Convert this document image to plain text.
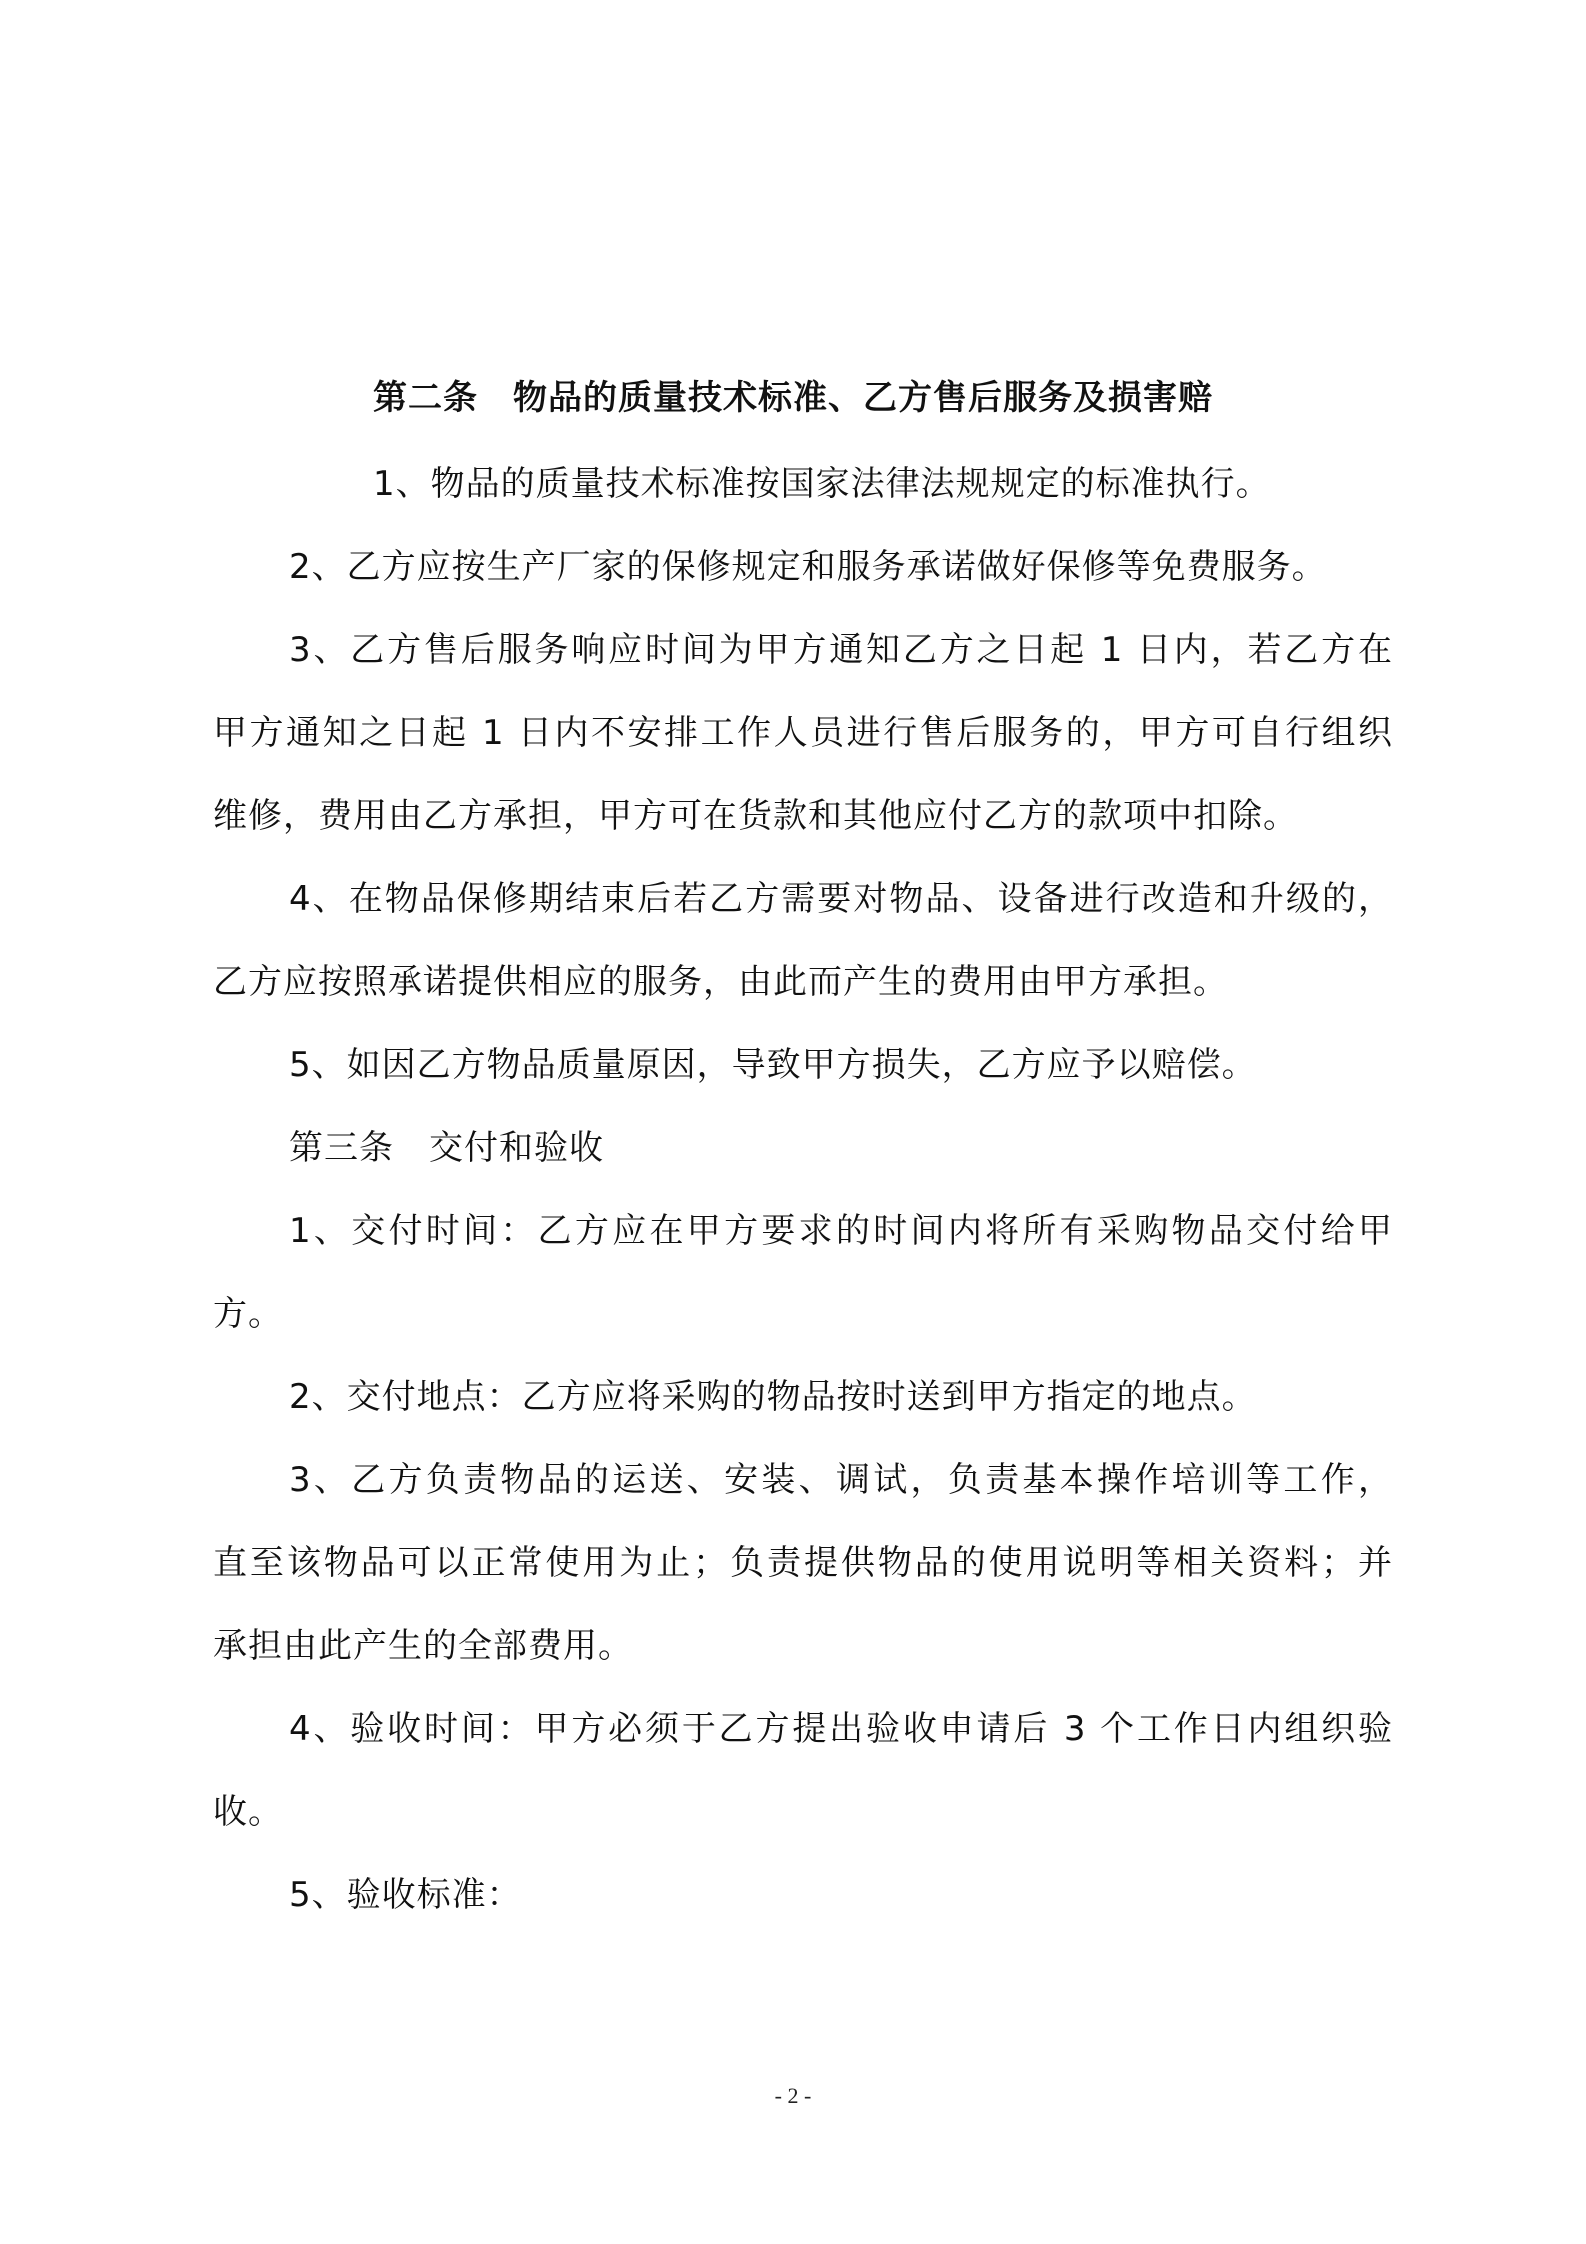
第二条　物品的质量技术标准、乙方售后服务及损害赔
1、物品的质量技术标准按国家法律法规规定的标准执行。
2、乙方应按生产厂家的保修规定和服务承诺做好保修等免费服务。
3、乙方售后服务响应时间为甲方通知乙方之日起 1 日内，若乙方在
甲方通知之日起 1 日内不安排工作人员进行售后服务的，甲方可自行组织
维修，费用由乙方承担，甲方可在货款和其他应付乙方的款项中扣除。
4、在物品保修期结束后若乙方需要对物品、设备进行改造和升级的，
乙方应按照承诺提供相应的服务，由此而产生的费用由甲方承担。
5、如因乙方物品质量原因，导致甲方损失，乙方应予以赔偿。
第三条　交付和验收
1、交付时间：乙方应在甲方要求的时间内将所有采购物品交付给甲
方。
2、交付地点：乙方应将采购的物品按时送到甲方指定的地点。
3、乙方负责物品的运送、安装、调试，负责基本操作培训等工作，
直至该物品可以正常使用为止；负责提供物品的使用说明等相关资料；并
承担由此产生的全部费用。
4、验收时间：甲方必须于乙方提出验收申请后 3 个工作日内组织验
收。
5、验收标准：
- 2 -
